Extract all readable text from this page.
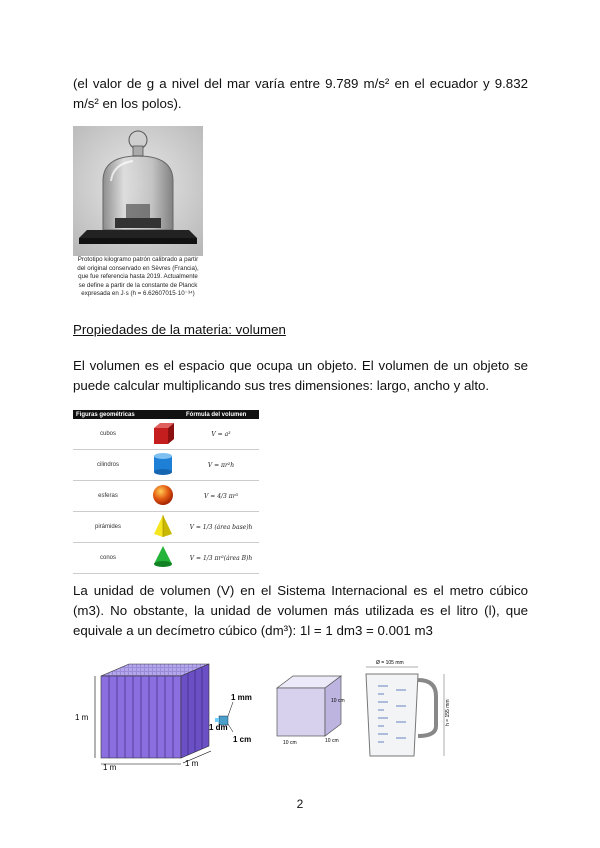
(el valor de g a nivel del mar varía entre 9.789 m/s² en el ecuador y 9.832
m/s² en los polos).
Prototipo kilogramo patrón calibrado a partir
del original conservado en Sèvres (Francia),
que fue referencia hasta 2019. Actualmente
se define a partir de la constante de Planck
expresada en J·s (h = 6.62607015·10⁻³⁴)
Propiedades de la materia: volumen
El volumen es el espacio que ocupa un objeto. El volumen de un objeto se
puede calcular multiplicando sus tres dimensiones: largo, ancho y alto.
Figuras geométricas		Fórmula del volumen
cubos		V = a³
cilindros		V = πr²h
esferas		V = 4/3 πr³
pirámides		V = 1/3 (área base)h
conos		V = 1/3 πr²(área B)h
La unidad de volumen (V) en el Sistema Internacional es el metro cúbico
(m3). No obstante, la unidad de volumen más utilizada es el litro (l), que
equivale a un decímetro cúbico (dm³): 1l = 1 dm3 = 0.001 m3
1 m
1 m	1 m
1 mm
1 dm
1 cm
10 cm
10 cm	10 cm
Ø = 105 mm
h = 155 mm
2
